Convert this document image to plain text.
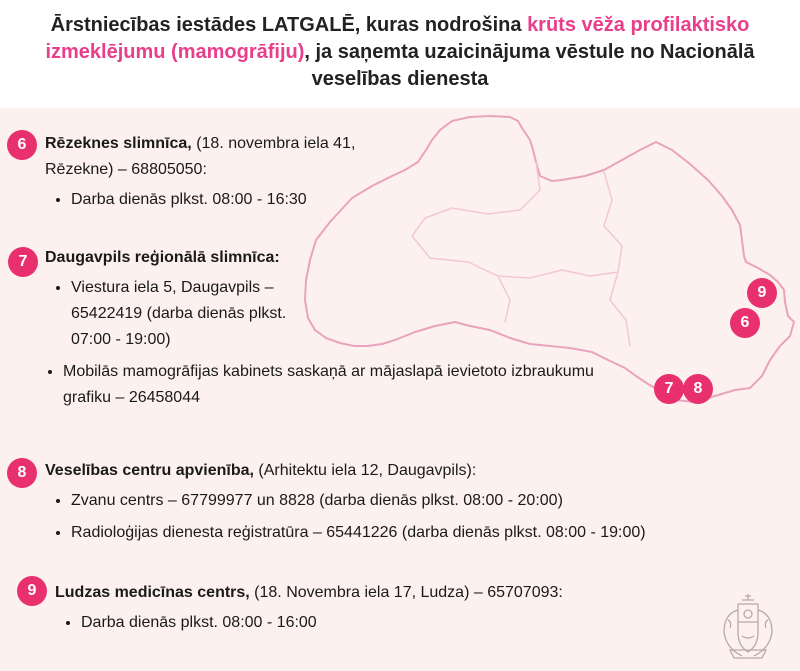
Ārstniecības iestādes LATGALĒ, kuras nodrošina krūts vēža profilaktisko izmeklējumu (mamogrāfiju), ja saņemta uzaicinājuma vēstule no Nacionālā veselības dienesta
9
6
7	8
6	Rēzeknes slimnīca, (18. novembra iela 41, Rēzekne) – 68805050:

• Darba dienās plkst. 08:00 - 16:30
7	Daugavpils reģionālā slimnīca:

• Viestura iela 5, Daugavpils – 65422419 (darba dienās plkst. 07:00 - 19:00)
• Mobilās mamogrāfijas kabinets saskaņā ar mājaslapā ievietoto izbraukumu grafiku – 26458044
8	Veselības centru apvienība, (Arhitektu iela 12, Daugavpils):

• Zvanu centrs – 67799977 un 8828 (darba dienās plkst. 08:00 - 20:00)
• Radioloģijas dienesta reģistratūra – 65441226 (darba dienās plkst. 08:00 - 19:00)
9	Ludzas medicīnas centrs, (18. Novembra iela 17, Ludza) – 65707093:

• Darba dienās plkst. 08:00 - 16:00
